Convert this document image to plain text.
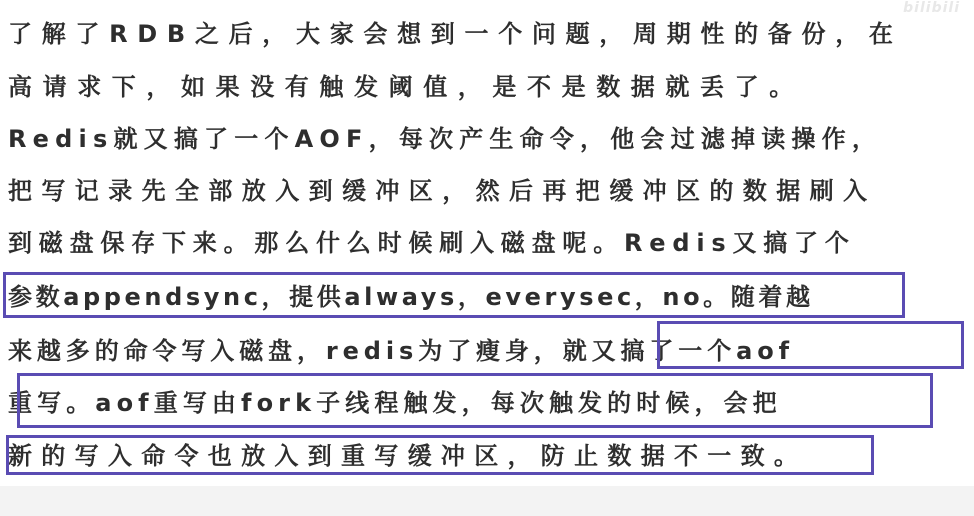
bilibili
了解了RDB之后，大家会想到一个问题，周期性的备份，在
高请求下，如果没有触发阈值，是不是数据就丢了。
Redis就又搞了一个AOF，每次产生命令，他会过滤掉读操作，
把写记录先全部放入到缓冲区，然后再把缓冲区的数据刷入
到磁盘保存下来。那么什么时候刷入磁盘呢。Redis又搞了个
参数appendsync，提供always，everysec，no。随着越
来越多的命令写入磁盘，redis为了瘦身，就又搞了一个aof
重写。aof重写由fork子线程触发，每次触发的时候，会把
新的写入命令也放入到重写缓冲区，防止数据不一致。
